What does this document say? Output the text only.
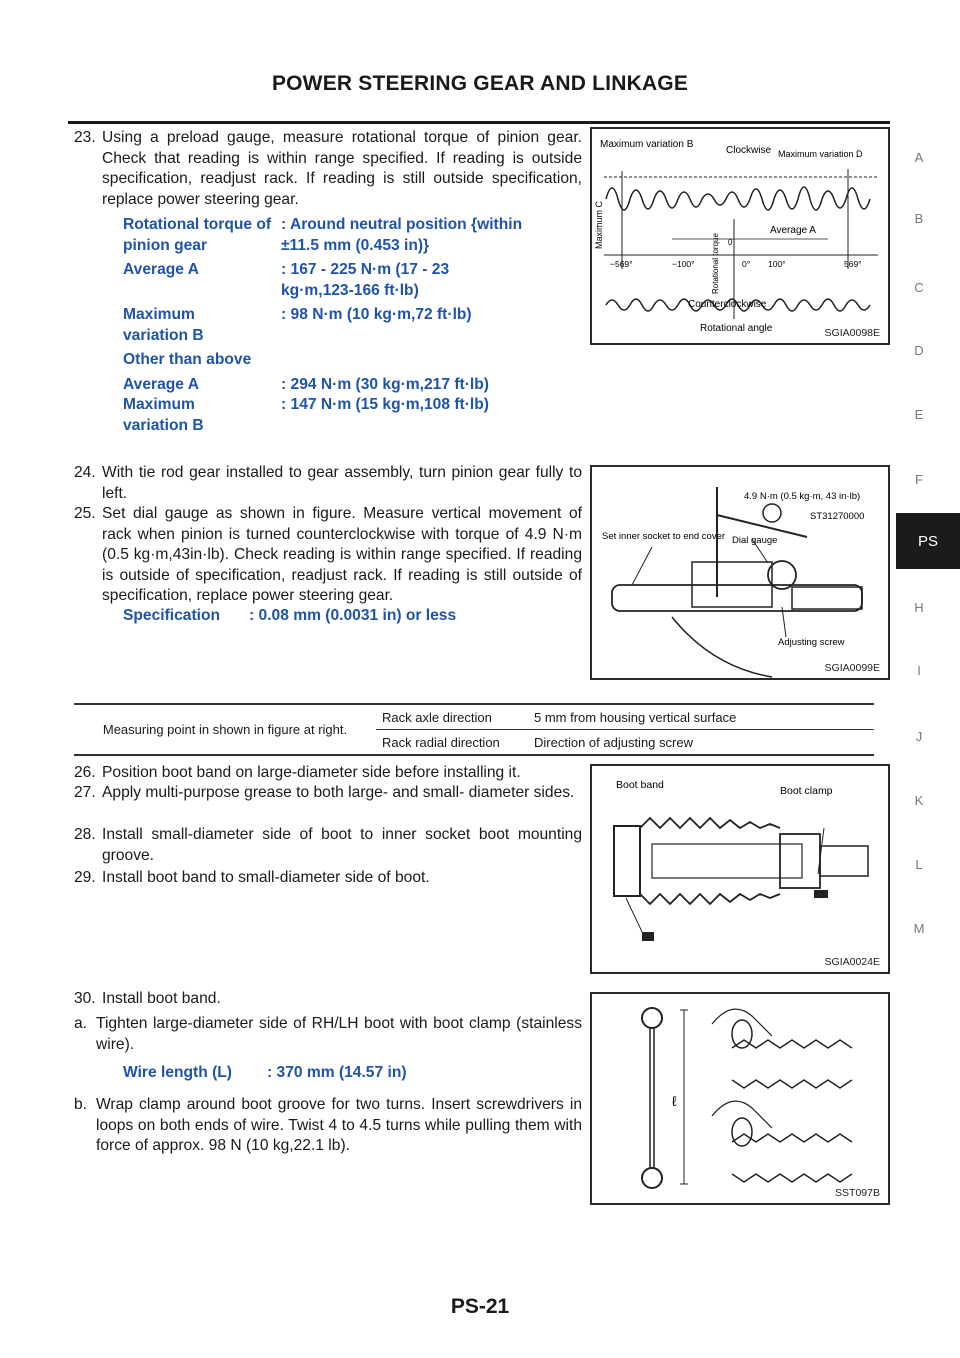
POWER STEERING GEAR AND LINKAGE
A
B
C
D
E
F
PS
H
I
J
K
L
M
23. Using a preload gauge, measure rotational torque of pinion gear. Check that reading is within range specified. If reading is outside specification, readjust rack. If reading is still outside specification, replace power steering gear.
Rotational torque of pinion gear
: Around neutral position {within ±11.5 mm (0.453 in)}
Average A	: 167 - 225 N·m (17 - 23 kg·m,123-166 ft·lb)
Maximum variation B
: 98 N·m (10 kg·m,72 ft·lb)
Other than above
Average A	: 294 N·m (30 kg·m,217 ft·lb)
Maximum variation B
: 147 N·m (15 kg·m,108 ft·lb)
Maximum variation B
Clockwise Maximum variation D
Maximum C	Average A
Rotational torque
−569°	−100°
0
0° 100°	569°
Counterclockwise
Rotational angle	SGIA0098E
24. With tie rod gear installed to gear assembly, turn pinion gear fully to left.
25. Set dial gauge as shown in figure. Measure vertical movement of rack when pinion is turned counterclockwise with torque of 4.9 N·m (0.5 kg·m,43in·lb). Check reading is within range specified. If reading is outside of specification, readjust rack. If reading is still outside of specification, replace power steering gear.
Specification : 0.08 mm (0.0031 in) or less
4.9 N·m (0.5 kg·m, 43 in·lb)
ST31270000
Set inner socket to end cover Dial gauge
Adjusting screw
SGIA0099E
Measuring point in shown in figure at right.	Rack axle direction	5 mm from housing vertical surface
	Rack radial direction	Direction of adjusting screw
26. Position boot band on large-diameter side before installing it.
27. Apply multi-purpose grease to both large- and small- diameter sides.
28. Install small-diameter side of boot to inner socket boot mounting groove.
29. Install boot band to small-diameter side of boot.
Boot band	Boot clamp
SGIA0024E
30. Install boot band.
a. Tighten large-diameter side of RH/LH boot with boot clamp (stainless wire).
Wire length (L) : 370 mm (14.57 in)
b. Wrap clamp around boot groove for two turns. Insert screwdrivers in loops on both ends of wire. Twist 4 to 4.5 turns while pulling them with force of approx. 98 N (10 kg,22.1 lb).
ℓ
SST097B
PS-21
